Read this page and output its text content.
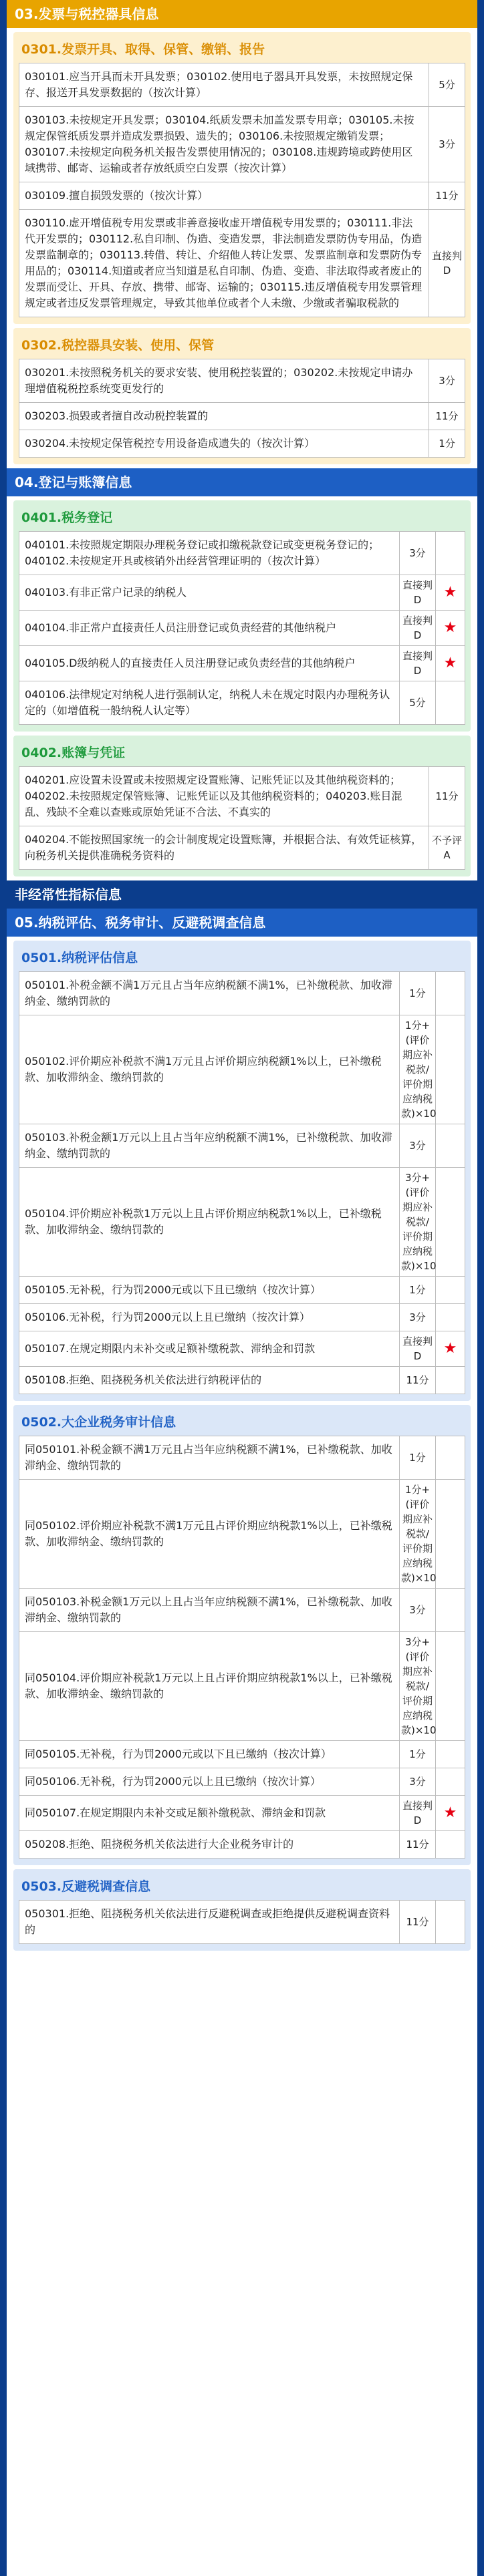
03.发票与税控器具信息
0301.发票开具、取得、保管、缴销、报告
030101.应当开具而未开具发票；030102.使用电子器具开具发票，未按照规定保存、报送开具发票数据的（按次计算）	5分
030103.未按规定开具发票；030104.纸质发票未加盖发票专用章；030105.未按规定保管纸质发票并造成发票损毁、遗失的；030106.未按照规定缴销发票；030107.未按规定向税务机关报告发票使用情况的；030108.违规跨境或跨使用区域携带、邮寄、运输或者存放纸质空白发票（按次计算）	3分
030109.擅自损毁发票的（按次计算）	11分
030110.虚开增值税专用发票或非善意接收虚开增值税专用发票的；030111.非法代开发票的；030112.私自印制、伪造、变造发票，非法制造发票防伪专用品，伪造发票监制章的；030113.转借、转让、介绍他人转让发票、发票监制章和发票防伪专用品的；030114.知道或者应当知道是私自印制、伪造、变造、非法取得或者废止的发票而受让、开具、存放、携带、邮寄、运输的；030115.违反增值税专用发票管理规定或者违反发票管理规定，导致其他单位或者个人未缴、少缴或者骗取税款的	直接判D
0302.税控器具安装、使用、保管
030201.未按照税务机关的要求安装、使用税控装置的；030202.未按规定申请办理增值税税控系统变更发行的	3分
030203.损毁或者擅自改动税控装置的	11分
030204.未按规定保管税控专用设备造成遗失的（按次计算）	1分
04.登记与账簿信息
0401.税务登记
040101.未按照规定期限办理税务登记或扣缴税款登记或变更税务登记的；040102.未按规定开具或核销外出经营管理证明的（按次计算）	3分	
040103.有非正常户记录的纳税人	直接判D	★
040104.非正常户直接责任人员注册登记或负责经营的其他纳税户	直接判D	★
040105.D级纳税人的直接责任人员注册登记或负责经营的其他纳税户	直接判D	★
040106.法律规定对纳税人进行强制认定，纳税人未在规定时限内办理税务认定的（如增值税一般纳税人认定等）	5分	
0402.账簿与凭证
040201.应设置未设置或未按照规定设置账簿、记账凭证以及其他纳税资料的；040202.未按照规定保管账簿、记账凭证以及其他纳税资料的；040203.账目混乱、残缺不全难以查账或原始凭证不合法、不真实的	11分
040204.不能按照国家统一的会计制度规定设置账簿，并根据合法、有效凭证核算，向税务机关提供准确税务资料的	不予评A
非经常性指标信息
05.纳税评估、税务审计、反避税调查信息
0501.纳税评估信息
050101.补税金额不满1万元且占当年应纳税额不满1%，已补缴税款、加收滞纳金、缴纳罚款的	1分	
050102.评价期应补税款不满1万元且占评价期应纳税额1%以上，已补缴税款、加收滞纳金、缴纳罚款的	1分+(评价期应补税款/评价期应纳税款)×10	
050103.补税金额1万元以上且占当年应纳税额不满1%，已补缴税款、加收滞纳金、缴纳罚款的	3分	
050104.评价期应补税款1万元以上且占评价期应纳税款1%以上，已补缴税款、加收滞纳金、缴纳罚款的	3分+(评价期应补税款/评价期应纳税款)×10	
050105.无补税，行为罚2000元或以下且已缴纳（按次计算）	1分	
050106.无补税，行为罚2000元以上且已缴纳（按次计算）	3分	
050107.在规定期限内未补交或足额补缴税款、滞纳金和罚款	直接判D	★
050108.拒绝、阻挠税务机关依法进行纳税评估的	11分	
0502.大企业税务审计信息
同050101.补税金额不满1万元且占当年应纳税额不满1%，已补缴税款、加收滞纳金、缴纳罚款的	1分	
同050102.评价期应补税款不满1万元且占评价期应纳税款1%以上，已补缴税款、加收滞纳金、缴纳罚款的	1分+(评价期应补税款/评价期应纳税款)×10	
同050103.补税金额1万元以上且占当年应纳税额不满1%，已补缴税款、加收滞纳金、缴纳罚款的	3分	
同050104.评价期应补税款1万元以上且占评价期应纳税款1%以上，已补缴税款、加收滞纳金、缴纳罚款的	3分+(评价期应补税款/评价期应纳税款)×10	
同050105.无补税，行为罚2000元或以下且已缴纳（按次计算）	1分	
同050106.无补税，行为罚2000元以上且已缴纳（按次计算）	3分	
同050107.在规定期限内未补交或足额补缴税款、滞纳金和罚款	直接判D	★
050208.拒绝、阻挠税务机关依法进行大企业税务审计的	11分	
0503.反避税调查信息
050301.拒绝、阻挠税务机关依法进行反避税调查或拒绝提供反避税调查资料的	11分	
